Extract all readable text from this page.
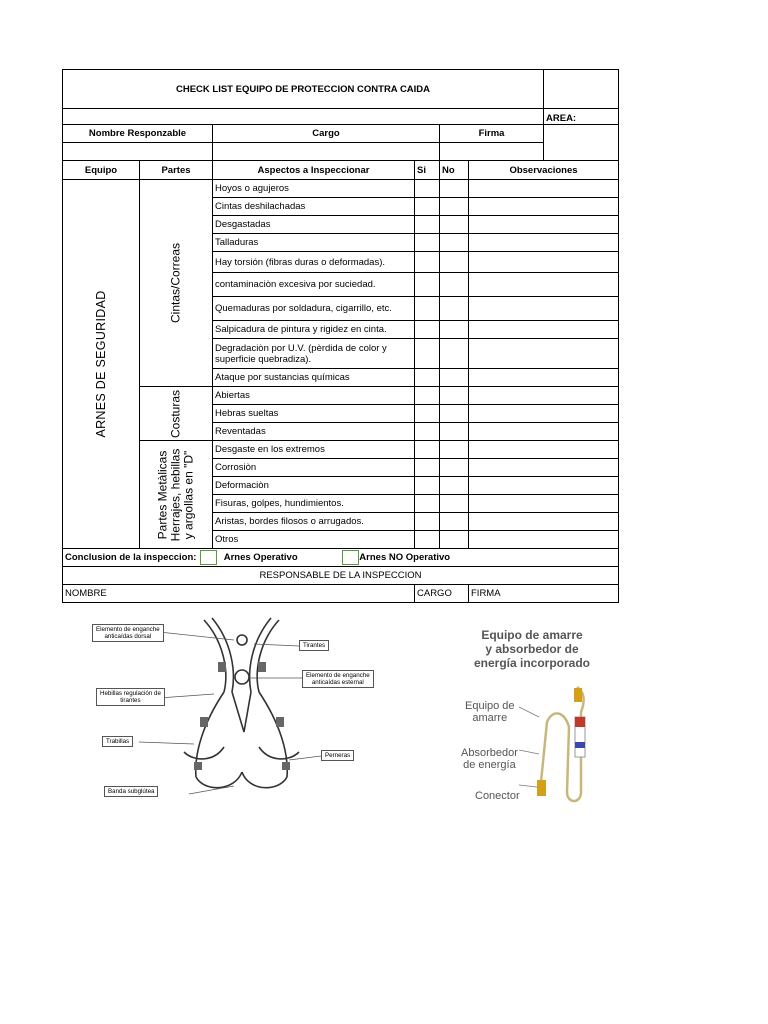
CHECK LIST EQUIPO DE PROTECCION CONTRA CAIDA						
						AREA:
Nombre Responzable		Cargo		Firma		

Equipo	Partes	Aspectos a Inspeccionar	Si	No	Observaciones	

ARNES DE SEGURIDAD	Cintas/Correas	Hoyos o agujeros				
		Cintas deshilachadas				
		Desgastadas				
		Talladuras				
		Hay torsión (fibras duras o deformadas).				
		contaminaciòn excesiva por suciedad.				
		Quemaduras por soldadura, cigarrillo, etc.				
		Salpicadura de pintura y rigidez en cinta.				
		Degradaciòn por U.V. (pèrdida de color y superficie quebradiza).				
		Ataque por sustancias químicas				

	Costuras	Abiertas				
		Hebras sueltas				
		Reventadas				

	Partes Metàlicas Herrajes, hebillas y argollas en "D"	Desgaste en los extremos				
		Corrosiòn				
		Deformaciòn				
		Fisuras, golpes, hundimientos.				
		Aristas, bordes filosos o arrugados.				
		Otros				
Conclusion de la inspeccion: Arnes Operativo Arnes NO Operativo						
RESPONSABLE DE LA INSPECCION						
NOMBRE			CARGO		FIRMA	
Elemento de enganche
anticaídas dorsal
Tirantes
Elemento de enganche
anticaídas esternal
Hebillas regulación de
tirantes
Trabillas
Perneras
Banda subglútea
Equipo de amarre
y absorbedor de
energía incorporado
Equipo de
amarre
Absorbedor
de energía
Conector
